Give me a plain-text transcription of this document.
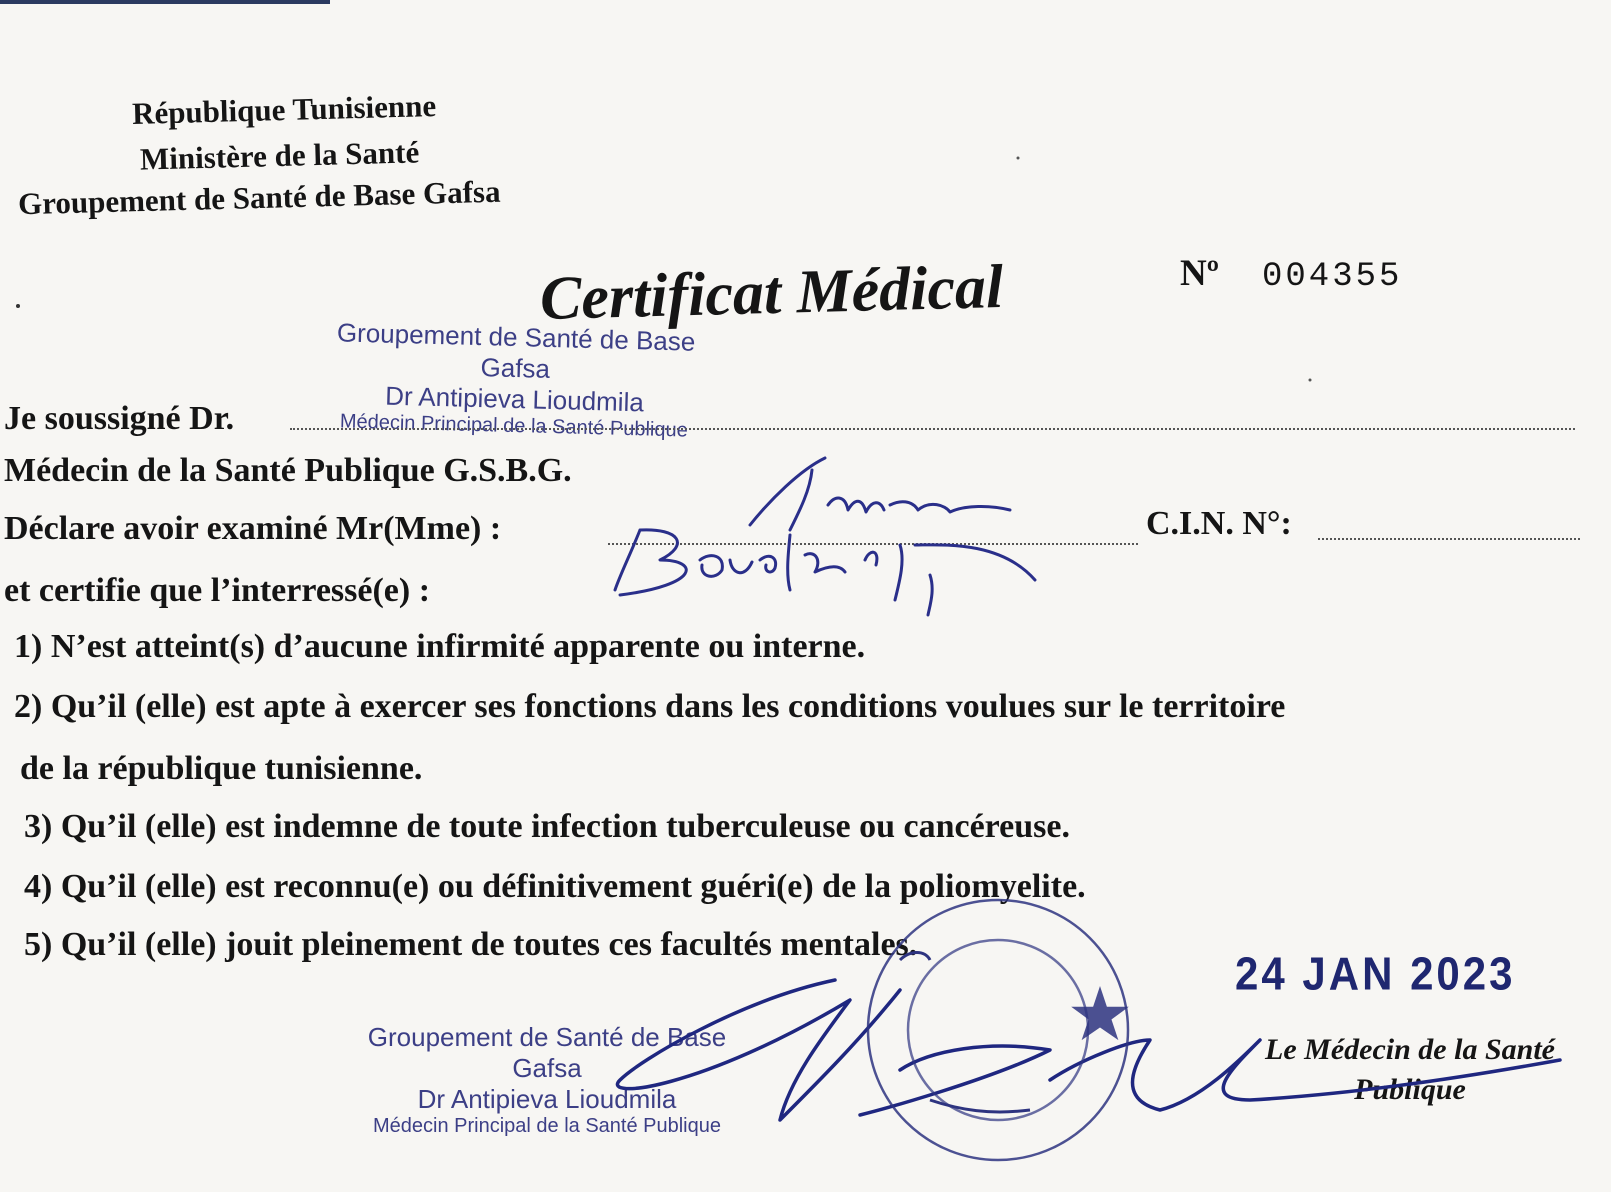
République Tunisienne
Ministère de la Santé
Groupement de Santé de Base Gafsa
Certificat Médical	Nº 004355
Groupement de Santé de Base Gafsa
Dr Antipieva Lioudmila
Médecin Principal de la Santé Publique
Je soussigné Dr.
Médecin de la Santé Publique G.S.B.G.
Déclare avoir examiné Mr(Mme) :	C.I.N. N°:
et certifie que l’interressé(e) :
1) N’est atteint(s) d’aucune infirmité apparente ou interne.
2) Qu’il (elle) est apte à exercer ses fonctions dans les conditions voulues sur le territoire
de la république tunisienne.
3) Qu’il (elle) est indemne de toute infection tuberculeuse ou cancéreuse.
4) Qu’il (elle) est reconnu(e) ou définitivement guéri(e) de la poliomyelite.
5) Qu’il (elle) jouit pleinement de toutes ces facultés mentales.
24 JAN 2023
Le Médecin de la Santé
Publique
Groupement de Santé de Base Gafsa
Dr Antipieva Lioudmila
Médecin Principal de la Santé Publique
